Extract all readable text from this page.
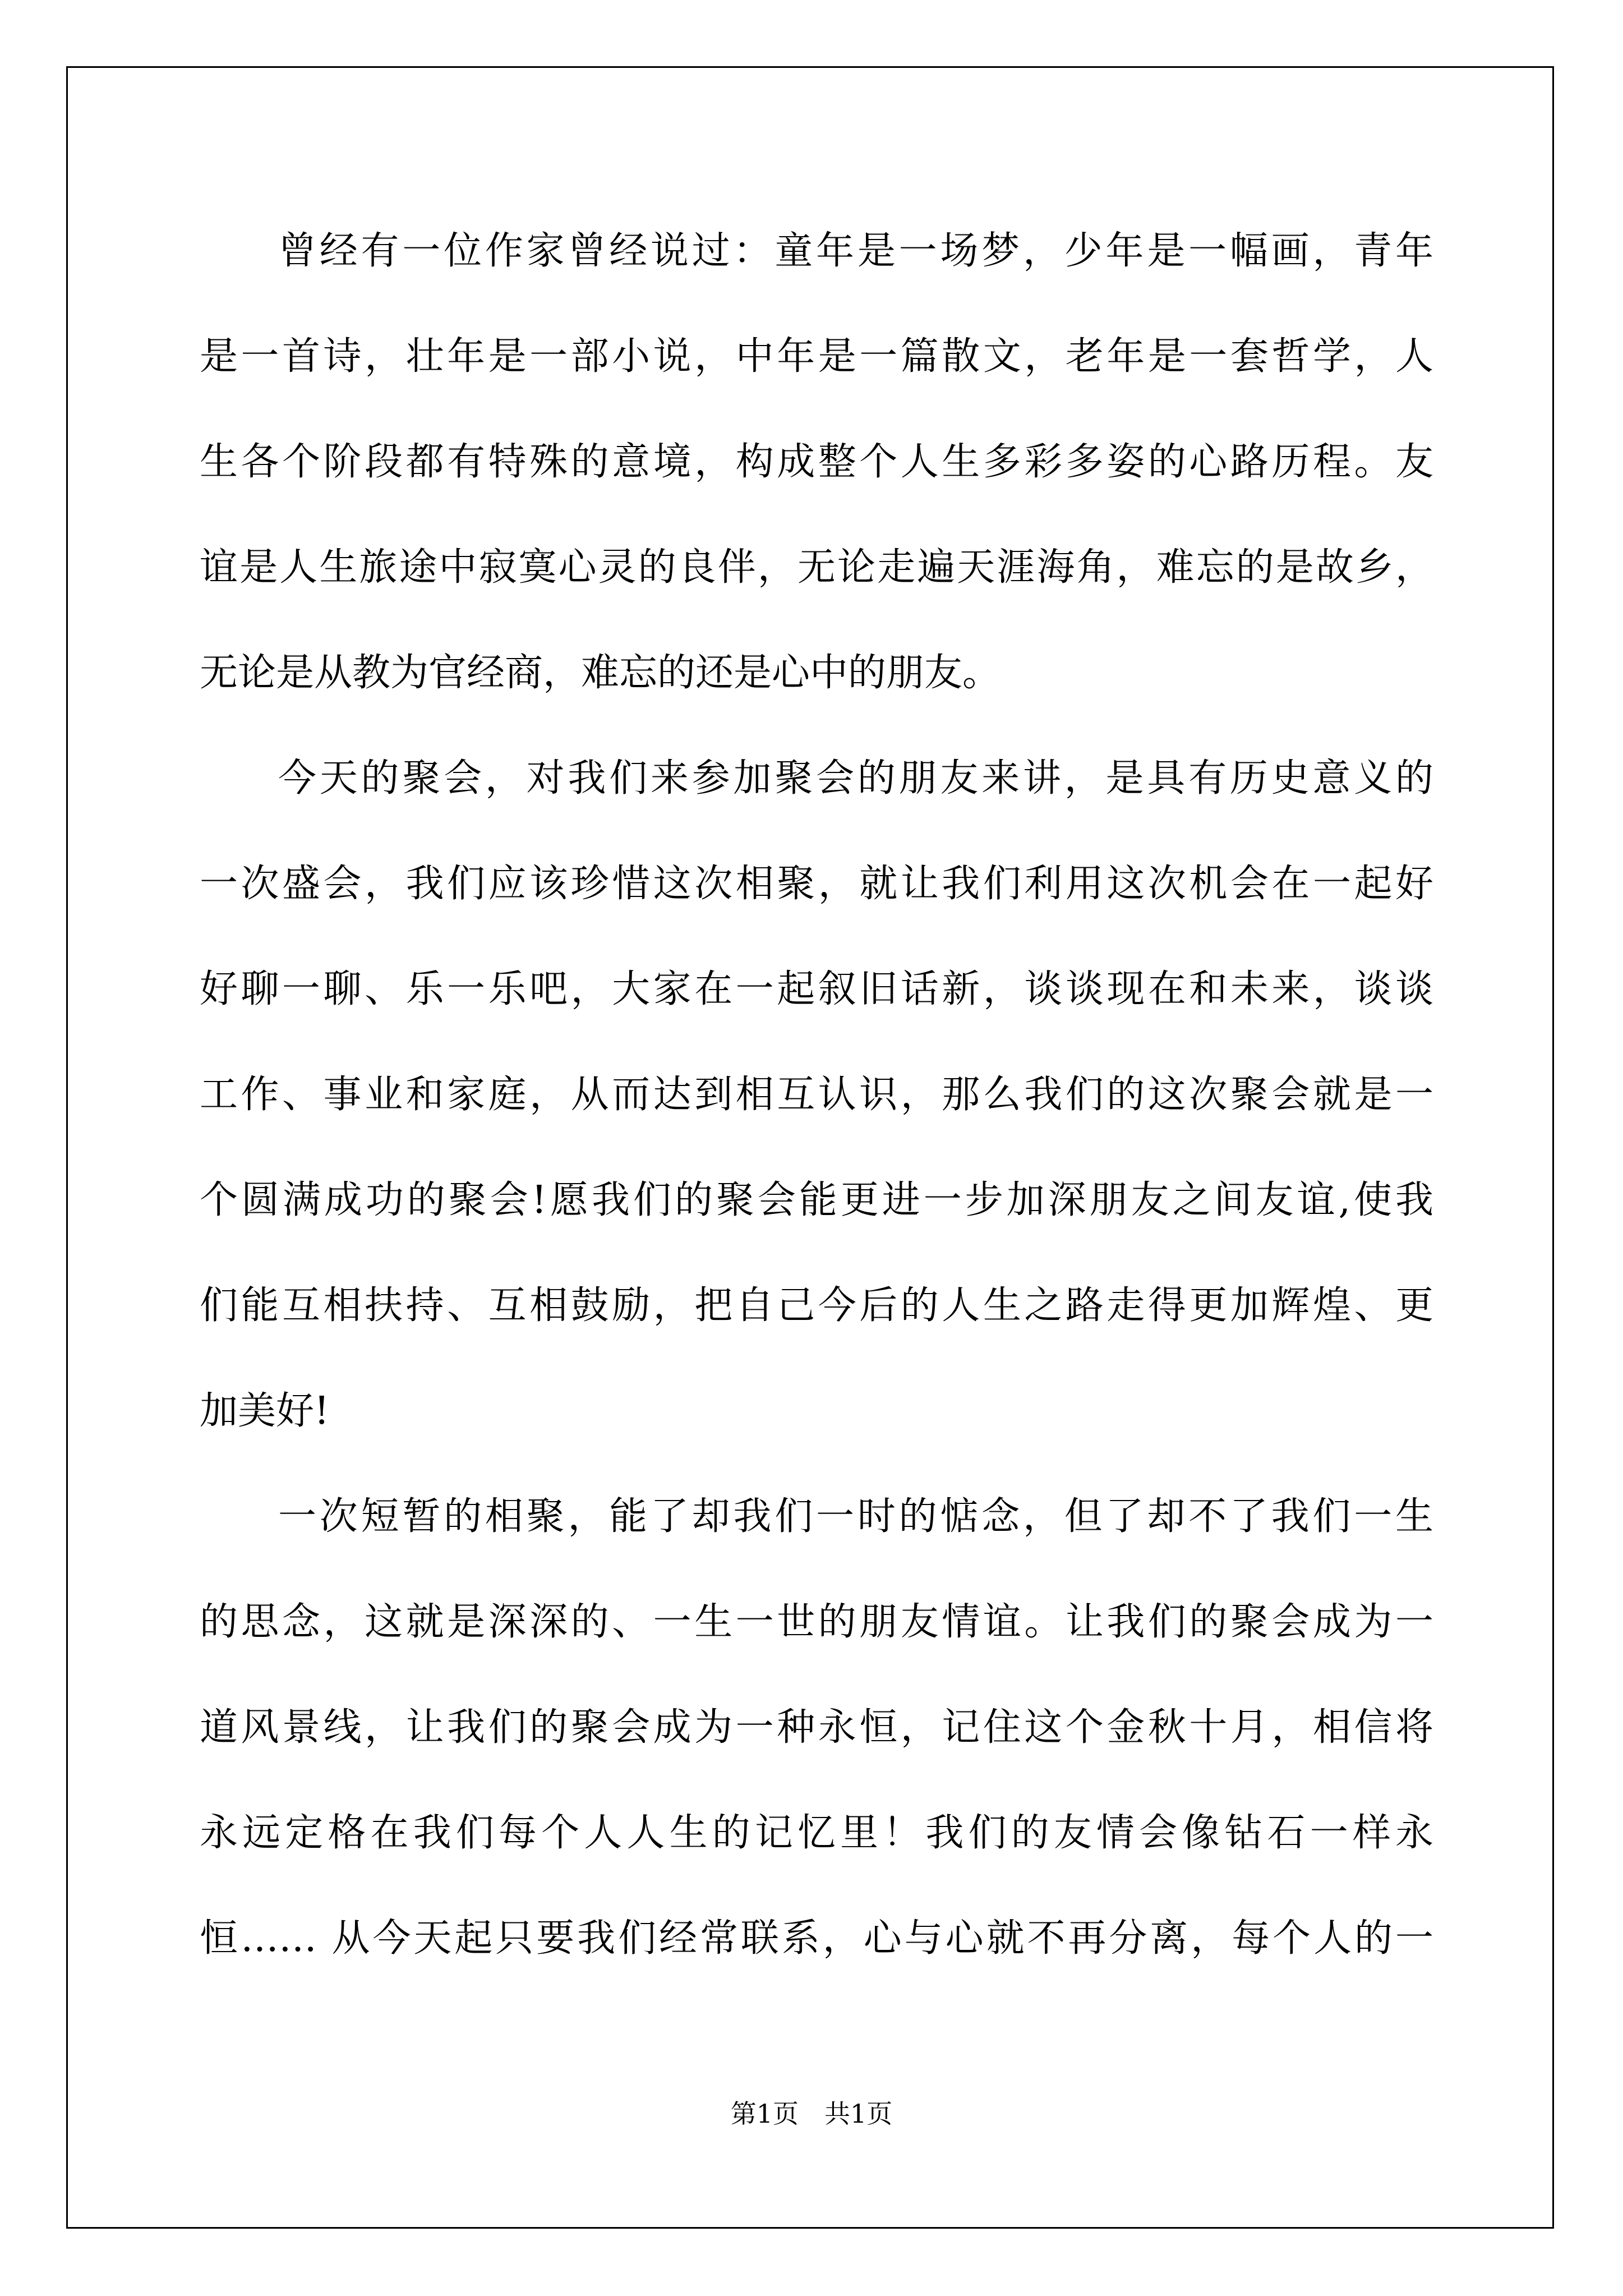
曾经有一位作家曾经说过：童年是一场梦，少年是一幅画，青年
是一首诗，壮年是一部小说，中年是一篇散文，老年是一套哲学，人
生各个阶段都有特殊的意境，构成整个人生多彩多姿的心路历程。友
谊是人生旅途中寂寞心灵的良伴，无论走遍天涯海角，难忘的是故乡，
无论是从教为官经商，难忘的还是心中的朋友。
今天的聚会，对我们来参加聚会的朋友来讲，是具有历史意义的
一次盛会，我们应该珍惜这次相聚，就让我们利用这次机会在一起好
好聊一聊、乐一乐吧，大家在一起叙旧话新，谈谈现在和未来，谈谈
工作、事业和家庭，从而达到相互认识，那么我们的这次聚会就是一
个圆满成功的聚会!愿我们的聚会能更进一步加深朋友之间友谊,使我
们能互相扶持、互相鼓励，把自己今后的人生之路走得更加辉煌、更
加美好!
一次短暂的相聚，能了却我们一时的惦念，但了却不了我们一生
的思念，这就是深深的、一生一世的朋友情谊。让我们的聚会成为一
道风景线，让我们的聚会成为一种永恒，记住这个金秋十月，相信将
永远定格在我们每个人人生的记忆里！我们的友情会像钻石一样永
恒…… 从今天起只要我们经常联系，心与心就不再分离，每个人的一
第1页　共1页
